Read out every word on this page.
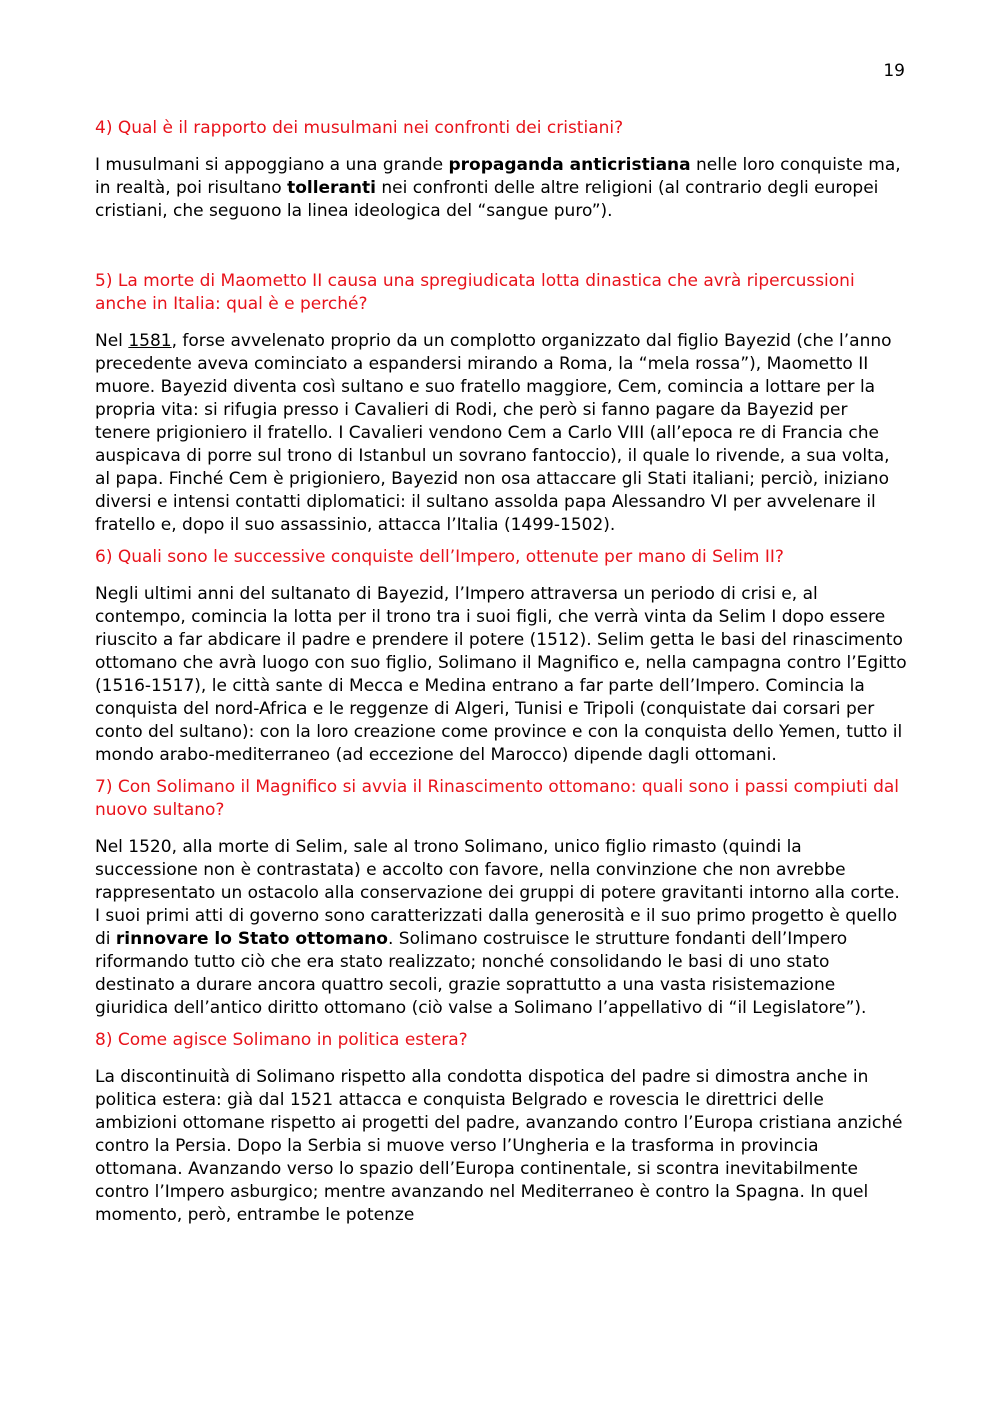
19

4) Qual è il rapporto dei musulmani nei confronti dei cristiani?

I musulmani si appoggiano a una grande propaganda anticristiana nelle loro conquiste ma, in realtà, poi risultano tolleranti nei confronti delle altre religioni (al contrario degli europei cristiani, che seguono la linea ideologica del “sangue puro”).

5) La morte di Maometto II causa una spregiudicata lotta dinastica che avrà ripercussioni anche in Italia: qual è e perché?

Nel 1581, forse avvelenato proprio da un complotto organizzato dal figlio Bayezid (che l’anno precedente aveva cominciato a espandersi mirando a Roma, la “mela rossa”), Maometto II muore. Bayezid diventa così sultano e suo fratello maggiore, Cem, comincia a lottare per la propria vita: si rifugia presso i Cavalieri di Rodi, che però si fanno pagare da Bayezid per tenere prigioniero il fratello. I Cavalieri vendono Cem a Carlo VIII (all’epoca re di Francia che auspicava di porre sul trono di Istanbul un sovrano fantoccio), il quale lo rivende, a sua volta, al papa. Finché Cem è prigioniero, Bayezid non osa attaccare gli Stati italiani; perciò, iniziano diversi e intensi contatti diplomatici: il sultano assolda papa Alessandro VI per avvelenare il fratello e, dopo il suo assassinio, attacca l’Italia (1499-1502).

6) Quali sono le successive conquiste dell’Impero, ottenute per mano di Selim II?

Negli ultimi anni del sultanato di Bayezid, l’Impero attraversa un periodo di crisi e, al contempo, comincia la lotta per il trono tra i suoi figli, che verrà vinta da Selim I dopo essere riuscito a far abdicare il padre e prendere il potere (1512). Selim getta le basi del rinascimento ottomano che avrà luogo con suo figlio, Solimano il Magnifico e, nella campagna contro l’Egitto (1516-1517), le città sante di Mecca e Medina entrano a far parte dell’Impero. Comincia la conquista del nord-Africa e le reggenze di Algeri, Tunisi e Tripoli (conquistate dai corsari per conto del sultano): con la loro creazione come province e con la conquista dello Yemen, tutto il mondo arabo-mediterraneo (ad eccezione del Marocco) dipende dagli ottomani.

7) Con Solimano il Magnifico si avvia il Rinascimento ottomano: quali sono i passi compiuti dal nuovo sultano?

Nel 1520, alla morte di Selim, sale al trono Solimano, unico figlio rimasto (quindi la successione non è contrastata) e accolto con favore, nella convinzione che non avrebbe rappresentato un ostacolo alla conservazione dei gruppi di potere gravitanti intorno alla corte. I suoi primi atti di governo sono caratterizzati dalla generosità e il suo primo progetto è quello di rinnovare lo Stato ottomano. Solimano costruisce le strutture fondanti dell’Impero riformando tutto ciò che era stato realizzato; nonché consolidando le basi di uno stato destinato a durare ancora quattro secoli, grazie soprattutto a una vasta risistemazione giuridica dell’antico diritto ottomano (ciò valse a Solimano l’appellativo di “il Legislatore”).

8) Come agisce Solimano in politica estera?

La discontinuità di Solimano rispetto alla condotta dispotica del padre si dimostra anche in politica estera: già dal 1521 attacca e conquista Belgrado e rovescia le direttrici delle ambizioni ottomane rispetto ai progetti del padre, avanzando contro l’Europa cristiana anziché contro la Persia. Dopo la Serbia si muove verso l’Ungheria e la trasforma in provincia ottomana. Avanzando verso lo spazio dell’Europa continentale, si scontra inevitabilmente contro l’Impero asburgico; mentre avanzando nel Mediterraneo è contro la Spagna. In quel momento, però, entrambe le potenze
